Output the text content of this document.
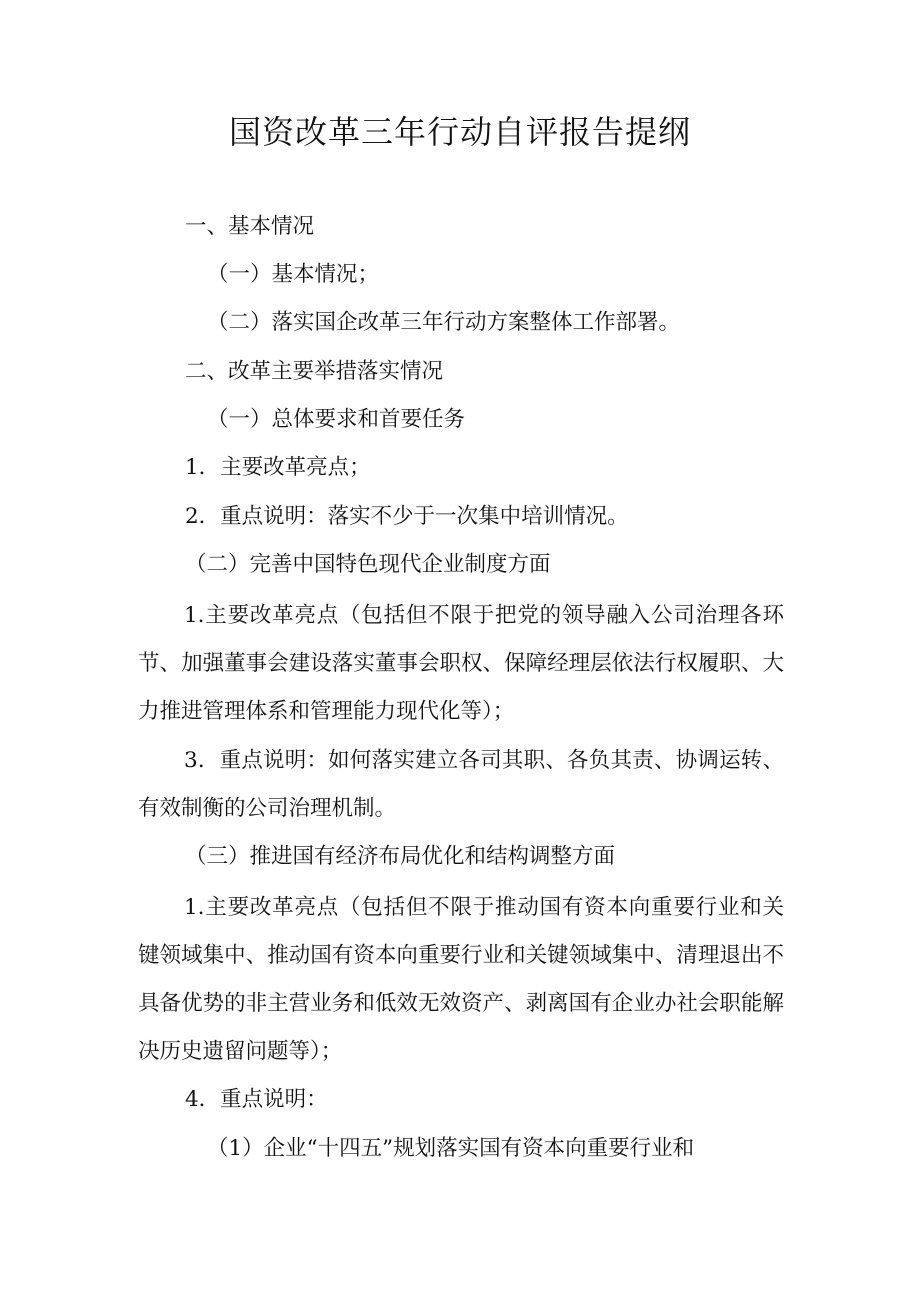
国资改革三年行动自评报告提纲

一、基本情况

（一）基本情况；

（二）落实国企改革三年行动方案整体工作部署。

二、改革主要举措落实情况

（一）总体要求和首要任务

1．主要改革亮点；

2．重点说明：落实不少于一次集中培训情况。

（二）完善中国特色现代企业制度方面

1.主要改革亮点（包括但不限于把党的领导融入公司治理各环节、加强董事会建设落实董事会职权、保障经理层依法行权履职、大力推进管理体系和管理能力现代化等）；

3．重点说明：如何落实建立各司其职、各负其责、协调运转、有效制衡的公司治理机制。

（三）推进国有经济布局优化和结构调整方面

1.主要改革亮点（包括但不限于推动国有资本向重要行业和关键领域集中、推动国有资本向重要行业和关键领域集中、清理退出不具备优势的非主营业务和低效无效资产、剥离国有企业办社会职能解决历史遗留问题等）；

4．重点说明：

（1）企业“十四五”规划落实国有资本向重要行业和
